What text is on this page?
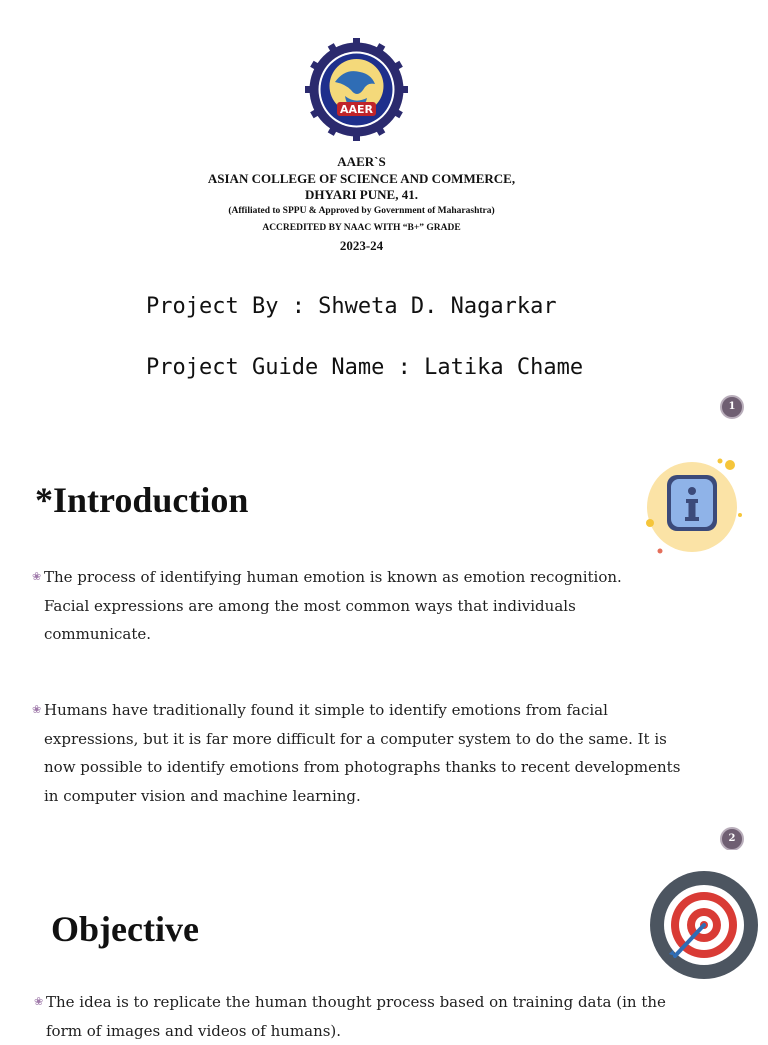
AAER
AAER`S
ASIAN COLLEGE OF SCIENCE AND COMMERCE,
DHYARI PUNE, 41.
(Affiliated to SPPU & Approved by Government of Maharashtra)
ACCREDITED BY NAAC WITH “B+” GRADE
2023-24
Project By : Shweta D. Nagarkar
Project Guide Name : Latika Chame
1
*Introduction
❀ The process of identifying human emotion is known as emotion recognition. Facial expressions are among the most common ways that individuals communicate.
❀ Humans have traditionally found it simple to identify emotions from facial expressions, but it is far more difficult for a computer system to do the same. It is now possible to identify emotions from photographs thanks to recent developments in computer vision and machine learning.
2
Objective
❀ The idea is to replicate the human thought process based on training data (in the form of images and videos of humans).
